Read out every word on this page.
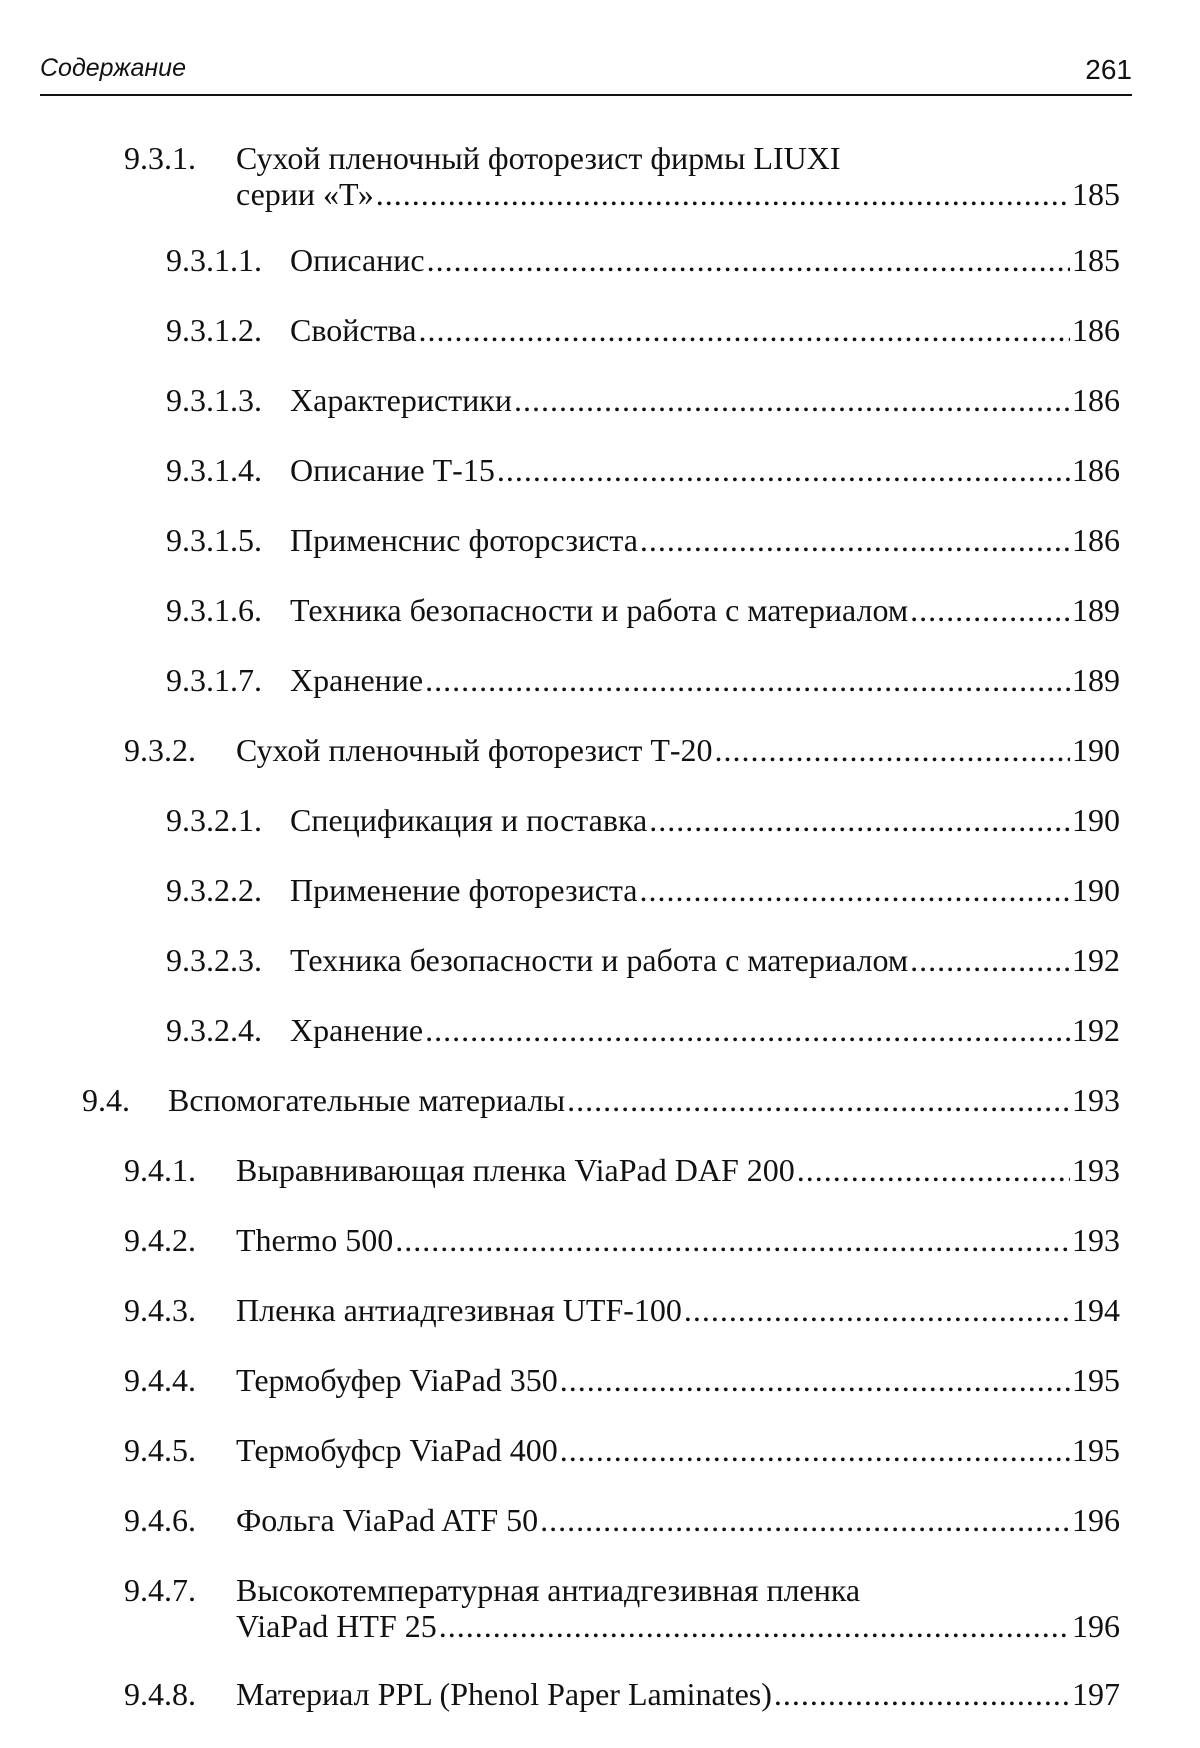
Содержание	261
9.3.1. Сухой пленочный фоторезист фирмы LIUXI
серии «Т» .....	185
9.3.1.1. Описанис .....	185
9.3.1.2. Свойства .....	186
9.3.1.3. Характеристики .....	186
9.3.1.4. Описание Т-15 .....	186
9.3.1.5. Применснис фоторсзиста .....	186
9.3.1.6. Техника безопасности и работа с материалом .....	189
9.3.1.7. Хранение .....	189
9.3.2. Сухой пленочный фоторезист Т-20 .....	190
9.3.2.1. Спецификация и поставка .....	190
9.3.2.2. Применение фоторезиста .....	190
9.3.2.3. Техника безопасности и работа с материалом .....	192
9.3.2.4. Хранение .....	192
9.4. Вспомогательные материалы .....	193
9.4.1. Выравнивающая пленка ViaPad DAF 200 .....	193
9.4.2. Thermo 500 .....	193
9.4.3. Пленка антиадгезивная UTF-100 .....	194
9.4.4. Термобуфер ViaPad 350 .....	195
9.4.5. Термобуфср ViaPad 400 .....	195
9.4.6. Фольга ViaPad ATF 50 .....	196
9.4.7. Высокотемпературная антиадгезивная пленка
ViaPad HTF 25 .....	196
9.4.8. Материал PPL (Phenol Paper Laminates) .....	197
